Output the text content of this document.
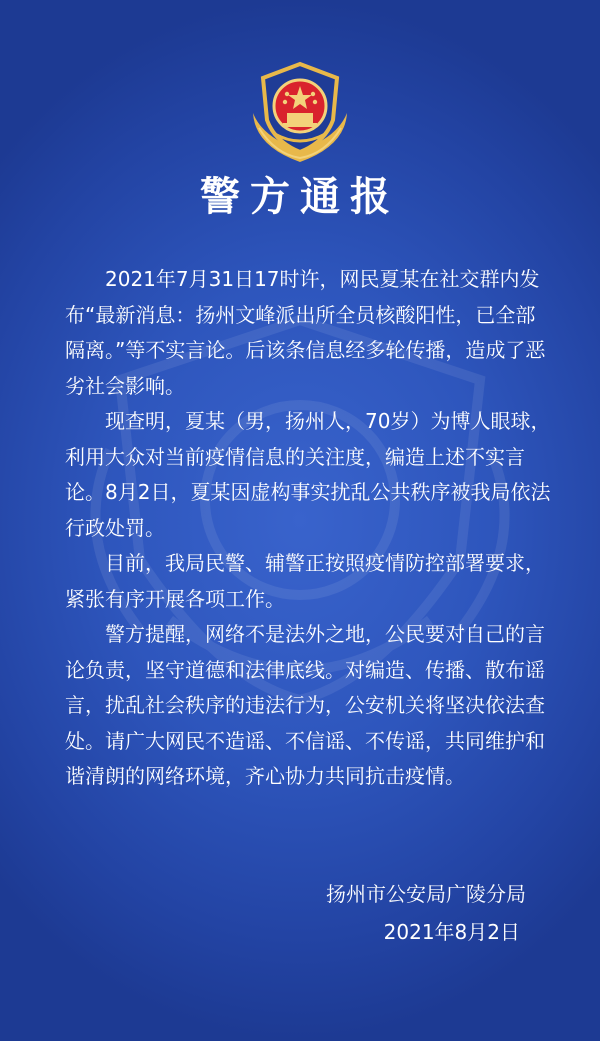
警方通报

2021年7月31日17时许，网民夏某在社交群内发布“最新消息：扬州文峰派出所全员核酸阳性，已全部隔离。”等不实言论。后该条信息经多轮传播，造成了恶劣社会影响。

现查明，夏某（男，扬州人，70岁）为博人眼球，利用大众对当前疫情信息的关注度，编造上述不实言论。8月2日，夏某因虚构事实扰乱公共秩序被我局依法行政处罚。

目前，我局民警、辅警正按照疫情防控部署要求，紧张有序开展各项工作。

警方提醒，网络不是法外之地，公民要对自己的言论负责，坚守道德和法律底线。对编造、传播、散布谣言，扰乱社会秩序的违法行为，公安机关将坚决依法查处。请广大网民不造谣、不信谣、不传谣，共同维护和谐清朗的网络环境，齐心协力共同抗击疫情。

扬州市公安局广陵分局
2021年8月2日
